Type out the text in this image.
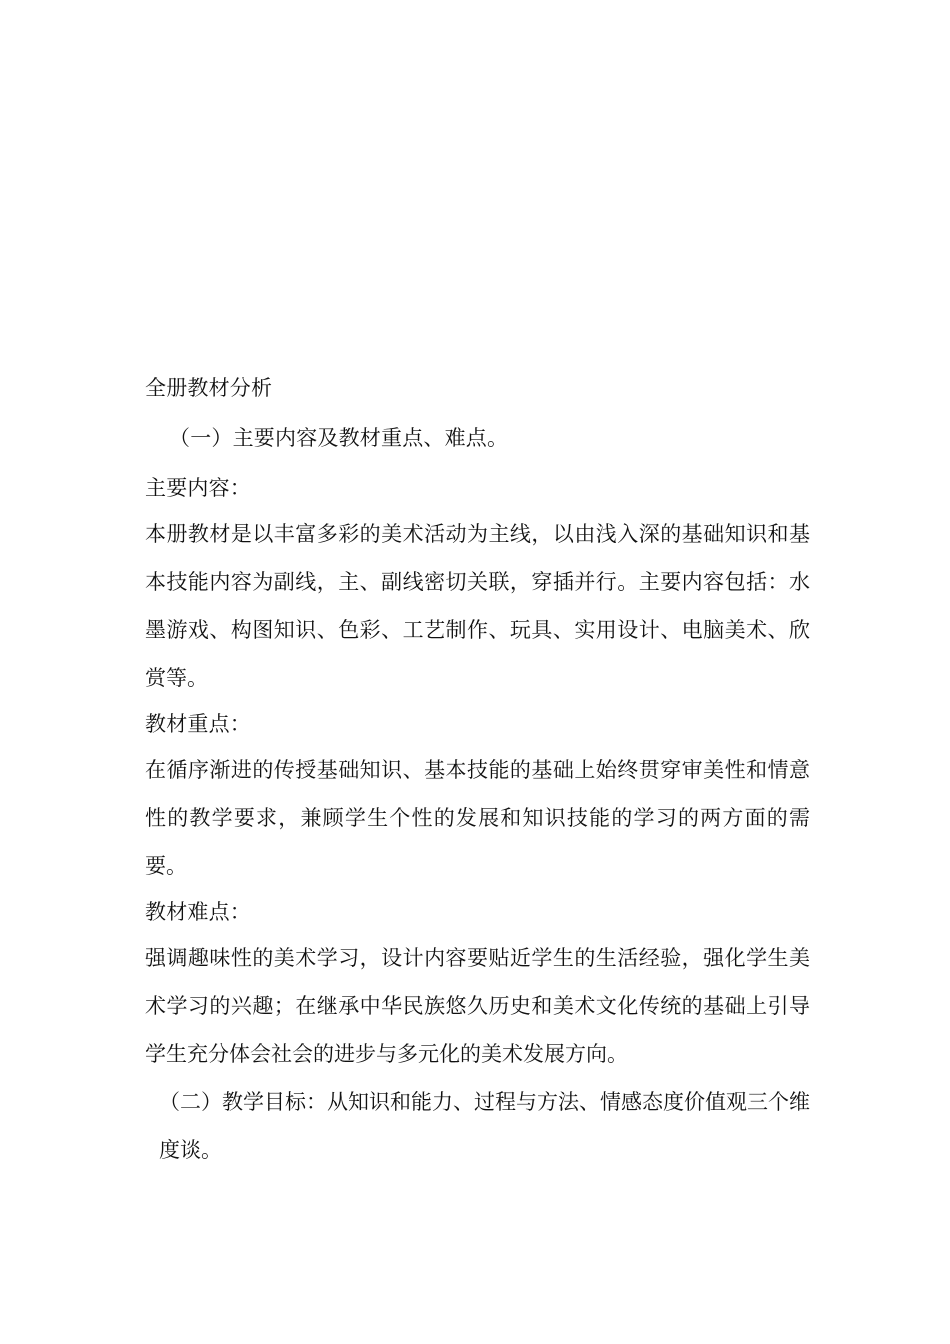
全册教材分析
（一）主要内容及教材重点、难点。
主要内容：
本册教材是以丰富多彩的美术活动为主线，以由浅入深的基础知识和基本技能内容为副线，主、副线密切关联，穿插并行。主要内容包括：水墨游戏、构图知识、色彩、工艺制作、玩具、实用设计、电脑美术、欣赏等。
教材重点：
在循序渐进的传授基础知识、基本技能的基础上始终贯穿审美性和情意性的教学要求，兼顾学生个性的发展和知识技能的学习的两方面的需要。
教材难点：
强调趣味性的美术学习，设计内容要贴近学生的生活经验，强化学生美术学习的兴趣；在继承中华民族悠久历史和美术文化传统的基础上引导学生充分体会社会的进步与多元化的美术发展方向。
（二）教学目标：从知识和能力、过程与方法、情感态度价值观三个维度谈。
